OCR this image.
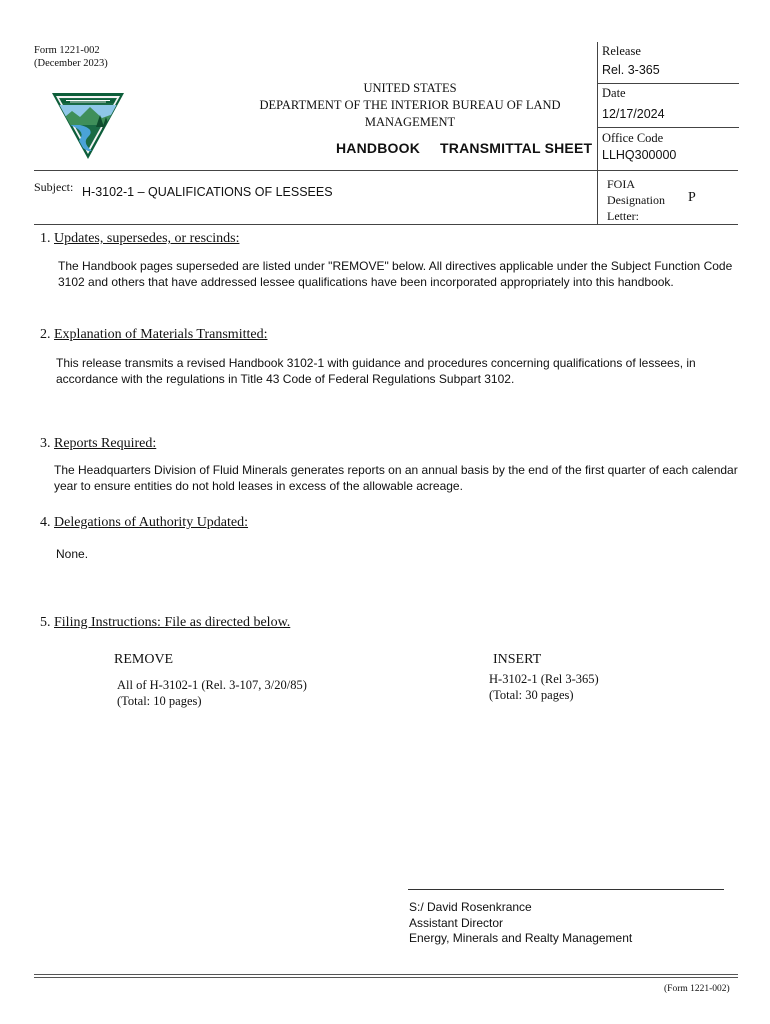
Form 1221-002
(December 2023)
UNITED STATES
DEPARTMENT OF THE INTERIOR BUREAU OF LAND
MANAGEMENT
HANDBOOK TRANSMITTAL SHEET
Release
Rel. 3-365
Date
12/17/2024
Office Code
LLHQ300000
Subject: H-3102-1 – QUALIFICATIONS OF LESSEES
FOIA
Designation
Letter:
P
1. Updates, supersedes, or rescinds:
The Handbook pages superseded are listed under "REMOVE" below. All directives applicable under the Subject Function Code 3102 and others that have addressed lessee qualifications have been incorporated appropriately into this handbook.
2. Explanation of Materials Transmitted:
This release transmits a revised Handbook 3102-1 with guidance and procedures concerning qualifications of lessees, in accordance with the regulations in Title 43 Code of Federal Regulations Subpart 3102.
3. Reports Required:
The Headquarters Division of Fluid Minerals generates reports on an annual basis by the end of the first quarter of each calendar year to ensure entities do not hold leases in excess of the allowable acreage.
4. Delegations of Authority Updated:
None.
5. Filing Instructions: File as directed below.
REMOVE
All of H-3102-1 (Rel. 3-107, 3/20/85)
(Total: 10 pages)
INSERT
H-3102-1 (Rel 3-365)
(Total: 30 pages)
S:/ David Rosenkrance
Assistant Director
Energy, Minerals and Realty Management
(Form 1221-002)
